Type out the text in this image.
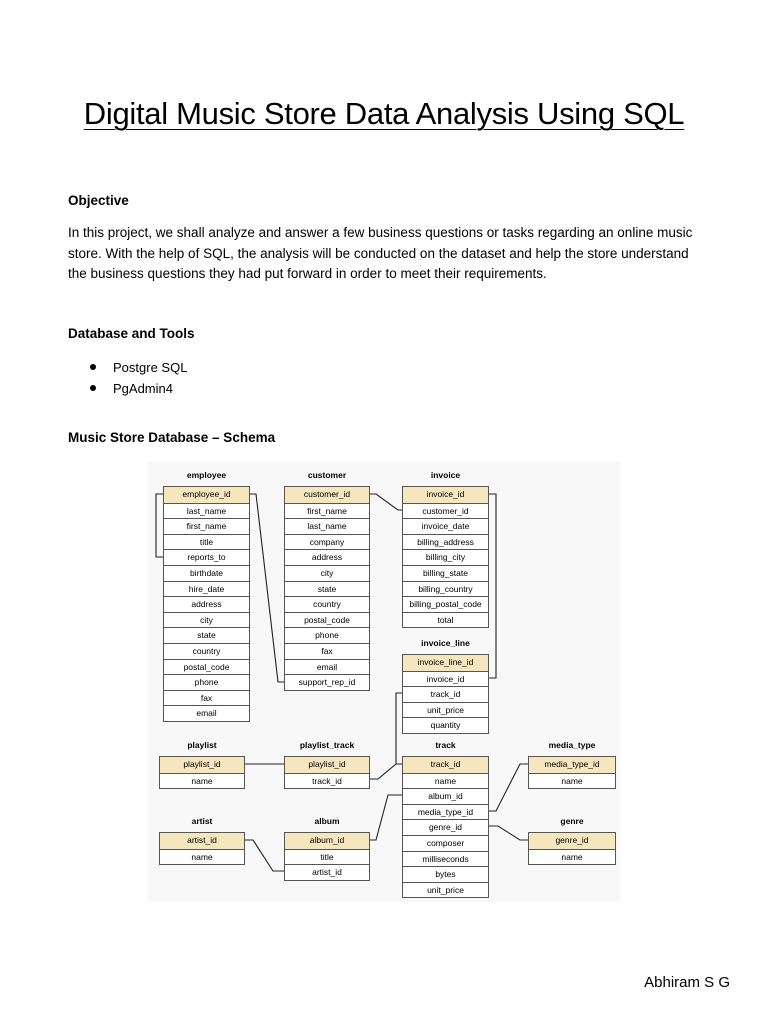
Digital Music Store Data Analysis Using SQL
Objective
In this project, we shall analyze and answer a few business questions or tasks regarding an online music store. With the help of SQL, the analysis will be conducted on the dataset and help the store understand the business questions they had put forward in order to meet their requirements.
Database and Tools
Postgre SQL
PgAdmin4
Music Store Database – Schema
employee
employee_id
last_name
first_name
title
reports_to
birthdate
hire_date
address
city
state
country
postal_code
phone
fax
email
customer
customer_id
first_name
last_name
company
address
city
state
country
postal_code
phone
fax
email
support_rep_id
invoice
invoice_id
customer_id
invoice_date
billing_address
billing_city
billing_state
billing_country
billing_postal_code
total
invoice_line
invoice_line_id
invoice_id
track_id
unit_price
quantity
playlist
playlist_id
name
playlist_track
playlist_id
track_id
track
track_id
name
album_id
media_type_id
genre_id
composer
milliseconds
bytes
unit_price
media_type
media_type_id
name
artist
artist_id
name
album
album_id
title
artist_id
genre
genre_id
name
Abhiram S G
